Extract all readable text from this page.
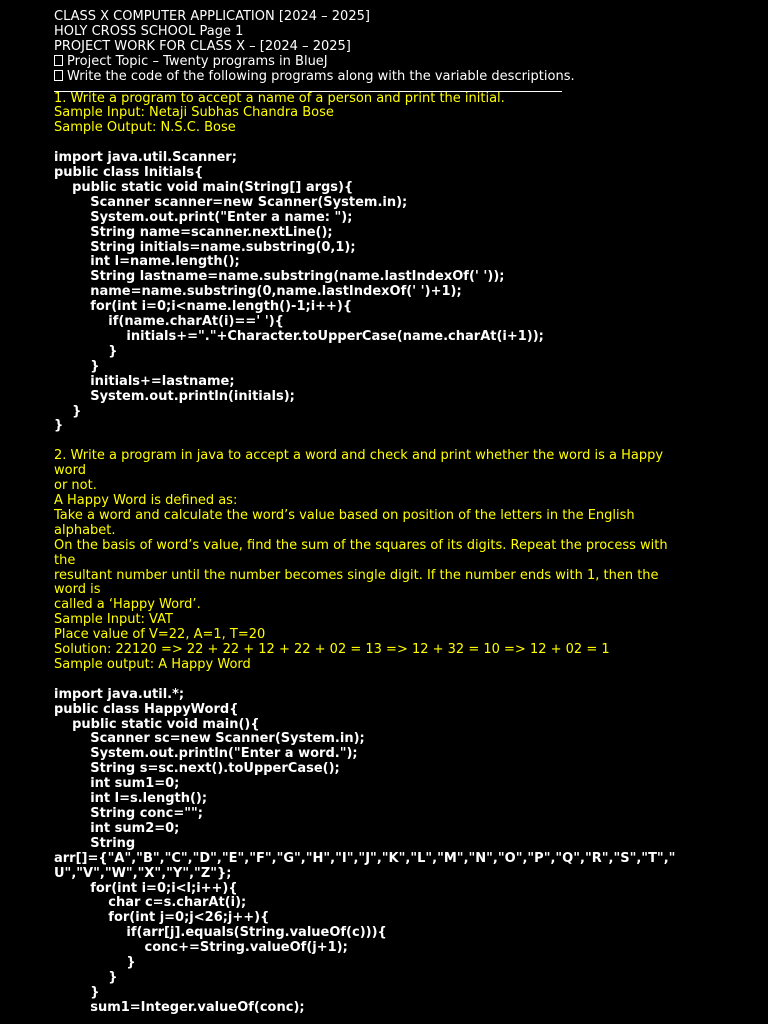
CLASS X COMPUTER APPLICATION [2024 – 2025]
HOLY CROSS SCHOOL Page 1
PROJECT WORK FOR CLASS X – [2024 – 2025]
Project Topic – Twenty programs in BlueJ
Write the code of the following programs along with the variable descriptions.
1. Write a program to accept a name of a person and print the initial.
Sample Input: Netaji Subhas Chandra Bose
Sample Output: N.S.C. Bose
import java.util.Scanner;
public class Initials{
public static void main(String[] args){
Scanner scanner=new Scanner(System.in);
System.out.print("Enter a name: ");
String name=scanner.nextLine();
String initials=name.substring(0,1);
int l=name.length();
String lastname=name.substring(name.lastIndexOf(' '));
name=name.substring(0,name.lastIndexOf(' ')+1);
for(int i=0;i<name.length()-1;i++){
if(name.charAt(i)==' '){
initials+="."+Character.toUpperCase(name.charAt(i+1));
}
}
initials+=lastname;
System.out.println(initials);
}
}
2. Write a program in java to accept a word and check and print whether the word is a Happy
word
or not.
A Happy Word is defined as:
Take a word and calculate the word’s value based on position of the letters in the English
alphabet.
On the basis of word’s value, find the sum of the squares of its digits. Repeat the process with
the
resultant number until the number becomes single digit. If the number ends with 1, then the
word is
called a ‘Happy Word’.
Sample Input: VAT
Place value of V=22, A=1, T=20
Solution: 22120 => 22 + 22 + 12 + 22 + 02 = 13 => 12 + 32 = 10 => 12 + 02 = 1
Sample output: A Happy Word
import java.util.*;
public class HappyWord{
public static void main(){
Scanner sc=new Scanner(System.in);
System.out.println("Enter a word.");
String s=sc.next().toUpperCase();
int sum1=0;
int l=s.length();
String conc="";
int sum2=0;
String
arr[]={"A","B","C","D","E","F","G","H","I","J","K","L","M","N","O","P","Q","R","S","T","
U","V","W","X","Y","Z"};
for(int i=0;i<l;i++){
char c=s.charAt(i);
for(int j=0;j<26;j++){
if(arr[j].equals(String.valueOf(c))){
conc+=String.valueOf(j+1);
}
}
}
sum1=Integer.valueOf(conc);
